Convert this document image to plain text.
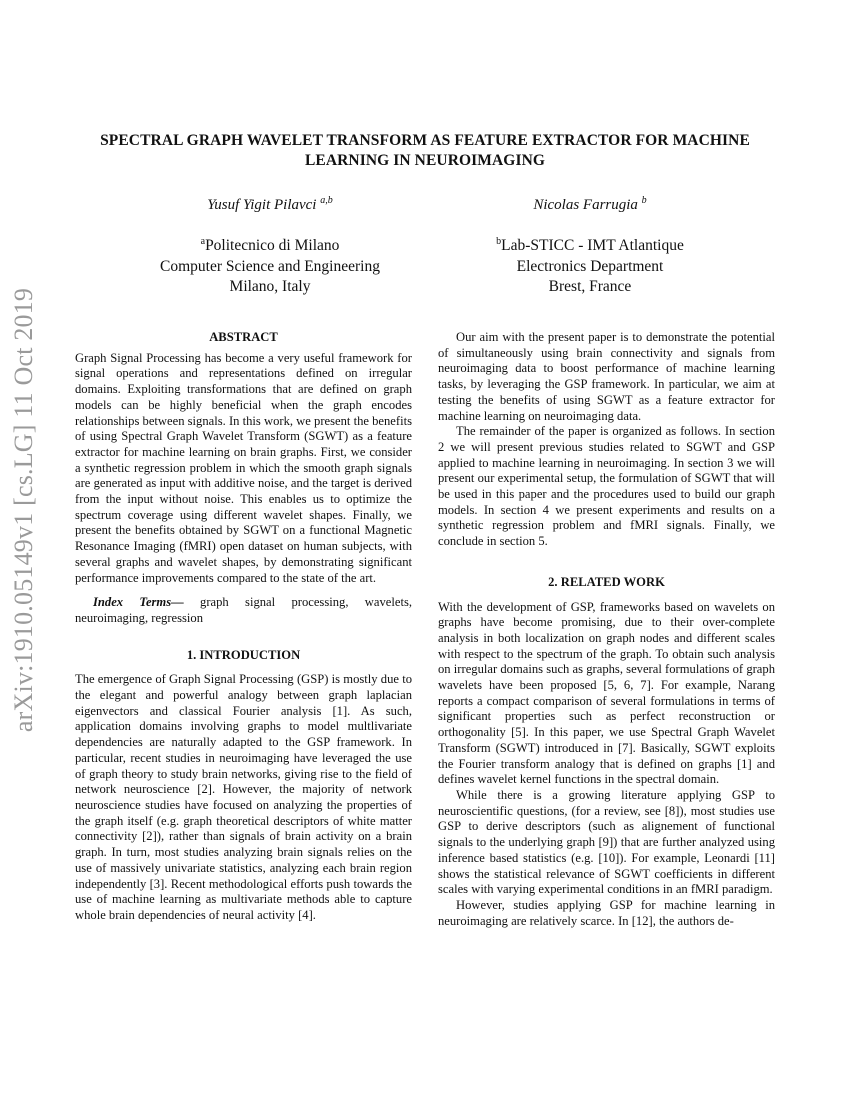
arXiv:1910.05149v1 [cs.LG] 11 Oct 2019
SPECTRAL GRAPH WAVELET TRANSFORM AS FEATURE EXTRACTOR FOR MACHINE LEARNING IN NEUROIMAGING
Yusuf Yigit Pilavci $^{a,b}$	Nicolas Farrugia $^b$
$^a$Politecnico di Milano
Computer Science and Engineering
Milano, Italy
$^b$Lab-STICC - IMT Atlantique
Electronics Department
Brest, France
ABSTRACT

Graph Signal Processing has become a very useful framework for signal operations and representations defined on irregular domains. Exploiting transformations that are defined on graph models can be highly beneficial when the graph encodes relationships between signals. In this work, we present the benefits of using Spectral Graph Wavelet Transform (SGWT) as a feature extractor for machine learning on brain graphs. First, we consider a synthetic regression problem in which the smooth graph signals are generated as input with additive noise, and the target is derived from the input without noise. This enables us to optimize the spectrum coverage using different wavelet shapes. Finally, we present the benefits obtained by SGWT on a functional Magnetic Resonance Imaging (fMRI) open dataset on human subjects, with several graphs and wavelet shapes, by demonstrating significant performance improvements compared to the state of the art.

Index Terms— graph signal processing, wavelets, neuroimaging, regression

1. INTRODUCTION

The emergence of Graph Signal Processing (GSP) is mostly due to the elegant and powerful analogy between graph laplacian eigenvectors and classical Fourier analysis [1]. As such, application domains involving graphs to model multlivariate dependencies are naturally adapted to the GSP framework. In particular, recent studies in neuroimaging have leveraged the use of graph theory to study brain networks, giving rise to the field of network neuroscience [2]. However, the majority of network neuroscience studies have focused on analyzing the properties of the graph itself (e.g. graph theoretical descriptors of white matter connectivity [2]), rather than signals of brain activity on a brain graph. In turn, most studies analyzing brain signals relies on the use of massively univariate statistics, analyzing each brain region independently [3]. Recent methodological efforts push towards the use of machine learning as multivariate methods able to capture whole brain dependencies of neural activity [4].

Our aim with the present paper is to demonstrate the potential of simultaneously using brain connectivity and signals from neuroimaging data to boost performance of machine learning tasks, by leveraging the GSP framework. In particular, we aim at testing the benefits of using SGWT as a feature extractor for machine learning on neuroimaging data.

The remainder of the paper is organized as follows. In section 2 we will present previous studies related to SGWT and GSP applied to machine learning in neuroimaging. In section 3 we will present our experimental setup, the formulation of SGWT that will be used in this paper and the procedures used to build our graph models. In section 4 we present experiments and results on a synthetic regression problem and fMRI signals. Finally, we conclude in section 5.

2. RELATED WORK

With the development of GSP, frameworks based on wavelets on graphs have become promising, due to their over-complete analysis in both localization on graph nodes and different scales with respect to the spectrum of the graph. To obtain such analysis on irregular domains such as graphs, several formulations of graph wavelets have been proposed [5, 6, 7]. For example, Narang reports a compact comparison of several formulations in terms of significant properties such as perfect reconstruction or orthogonality [5]. In this paper, we use Spectral Graph Wavelet Transform (SGWT) introduced in [7]. Basically, SGWT exploits the Fourier transform analogy that is defined on graphs [1] and defines wavelet kernel functions in the spectral domain.

While there is a growing literature applying GSP to neuroscientific questions, (for a review, see [8]), most studies use GSP to derive descriptors (such as alignement of functional signals to the underlying graph [9]) that are further analyzed using inference based statistics (e.g. [10]). For example, Leonardi [11] shows the statistical relevance of SGWT coefficients in different scales with varying experimental conditions in an fMRI paradigm.

However, studies applying GSP for machine learning in neuroimaging are relatively scarce. In [12], the authors de-
